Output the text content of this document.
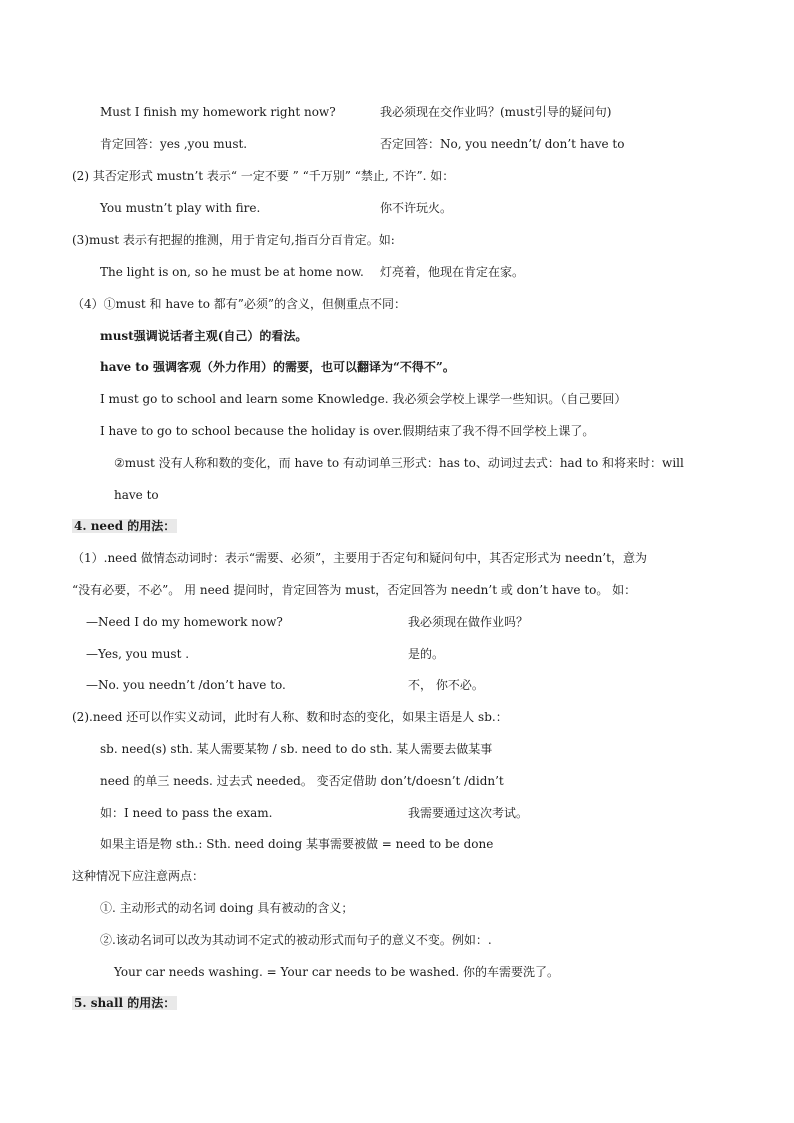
Must I finish my homework right now?	我必须现在交作业吗？(must引导的疑问句)
肯定回答：yes ,you must.	否定回答：No, you needn’t/ don’t have to
(2) 其否定形式 mustn’t 表示“ 一定不要 ” “千万别” “禁止, 不许”. 如：
You mustn’t play with fire.	你不许玩火。
(3)must 表示有把握的推测，用于肯定句,指百分百肯定。如:
The light is on, so he must be at home now. 灯亮着，他现在肯定在家。
（4）①must 和 have to 都有”必须”的含义，但侧重点不同：
must强调说话者主观(自己）的看法。
have to 强调客观（外力作用）的需要，也可以翻译为“不得不”。
I must go to school and learn some Knowledge. 我必须会学校上课学一些知识。（自己要回）
I have to go to school because the holiday is over.假期结束了我不得不回学校上课了。
②must 没有人称和数的变化，而 have to 有动词单三形式：has to、动词过去式：had to 和将来时：will
have to
4. need 的用法：
（1）.need 做情态动词时：表示“需要、必须”，主要用于否定句和疑问句中，其否定形式为 needn’t，意为
“没有必要，不必”。 用 need 提问时，肯定回答为 must，否定回答为 needn’t 或 don’t have to。 如：
—Need I do my homework now?	我必须现在做作业吗？
—Yes, you must .	是的。
—No. you needn’t /don’t have to.	不， 你不必。
(2).need 还可以作实义动词，此时有人称、数和时态的变化，如果主语是人 sb.：
sb. need(s) sth. 某人需要某物 / sb. need to do sth. 某人需要去做某事
need 的单三 needs. 过去式 needed。 变否定借助 don’t/doesn’t /didn’t
如：I need to pass the exam.	我需要通过这次考试。
如果主语是物 sth.: Sth. need doing 某事需要被做 = need to be done
这种情况下应注意两点：
①. 主动形式的动名词 doing 具有被动的含义；
②.该动名词可以改为其动词不定式的被动形式而句子的意义不变。例如：.
Your car needs washing. = Your car needs to be washed. 你的车需要洗了。
5. shall 的用法：
